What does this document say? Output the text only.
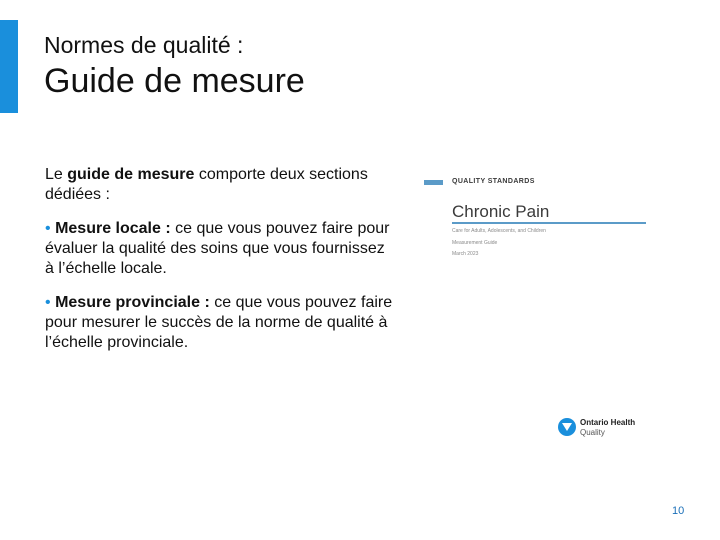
Normes de qualité :
Guide de mesure

Le guide de mesure comporte deux sections dédiées :

• Mesure locale : ce que vous pouvez faire pour évaluer la qualité des soins que vous fournissez à l’échelle locale.

• Mesure provinciale : ce que vous pouvez faire pour mesurer le succès de la norme de qualité à l’échelle provinciale.

QUALITY STANDARDS
Chronic Pain
Care for Adults, Adolescents, and Children
Measurement Guide
March 2023
Ontario Health
Quality
10
